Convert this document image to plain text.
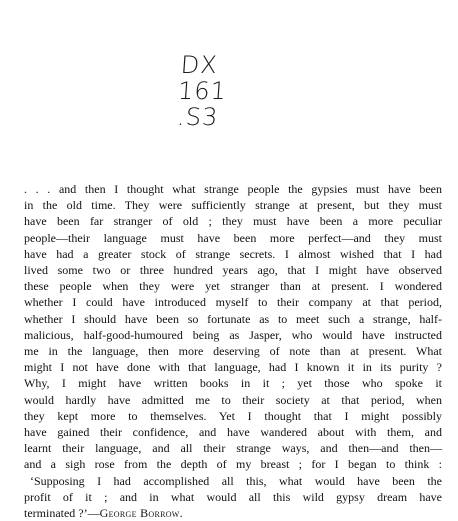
DX
161
.S3
. . . and then I thought what strange people the gypsies must have been
in the old time. They were sufficiently strange at present, but they must
have been far stranger of old ; they must have been a more peculiar
people—their language must have been more perfect—and they must
have had a greater stock of strange secrets. I almost wished that I had
lived some two or three hundred years ago, that I might have observed
these people when they were yet stranger than at present. I wondered
whether I could have introduced myself to their company at that period,
whether I should have been so fortunate as to meet such a strange, half-
malicious, half-good-humoured being as Jasper, who would have instructed
me in the language, then more deserving of note than at present. What
might I not have done with that language, had I known it in its purity ?
Why, I might have written books in it ; yet those who spoke it
would hardly have admitted me to their society at that period, when
they kept more to themselves. Yet I thought that I might possibly
have gained their confidence, and have wandered about with them, and
learnt their language, and all their strange ways, and then—and then—
and a sigh rose from the depth of my breast ; for I began to think :
‘Supposing I had accomplished all this, what would have been the
profit of it ; and in what would all this wild gypsy dream have
terminated ?’—George Borrow.
